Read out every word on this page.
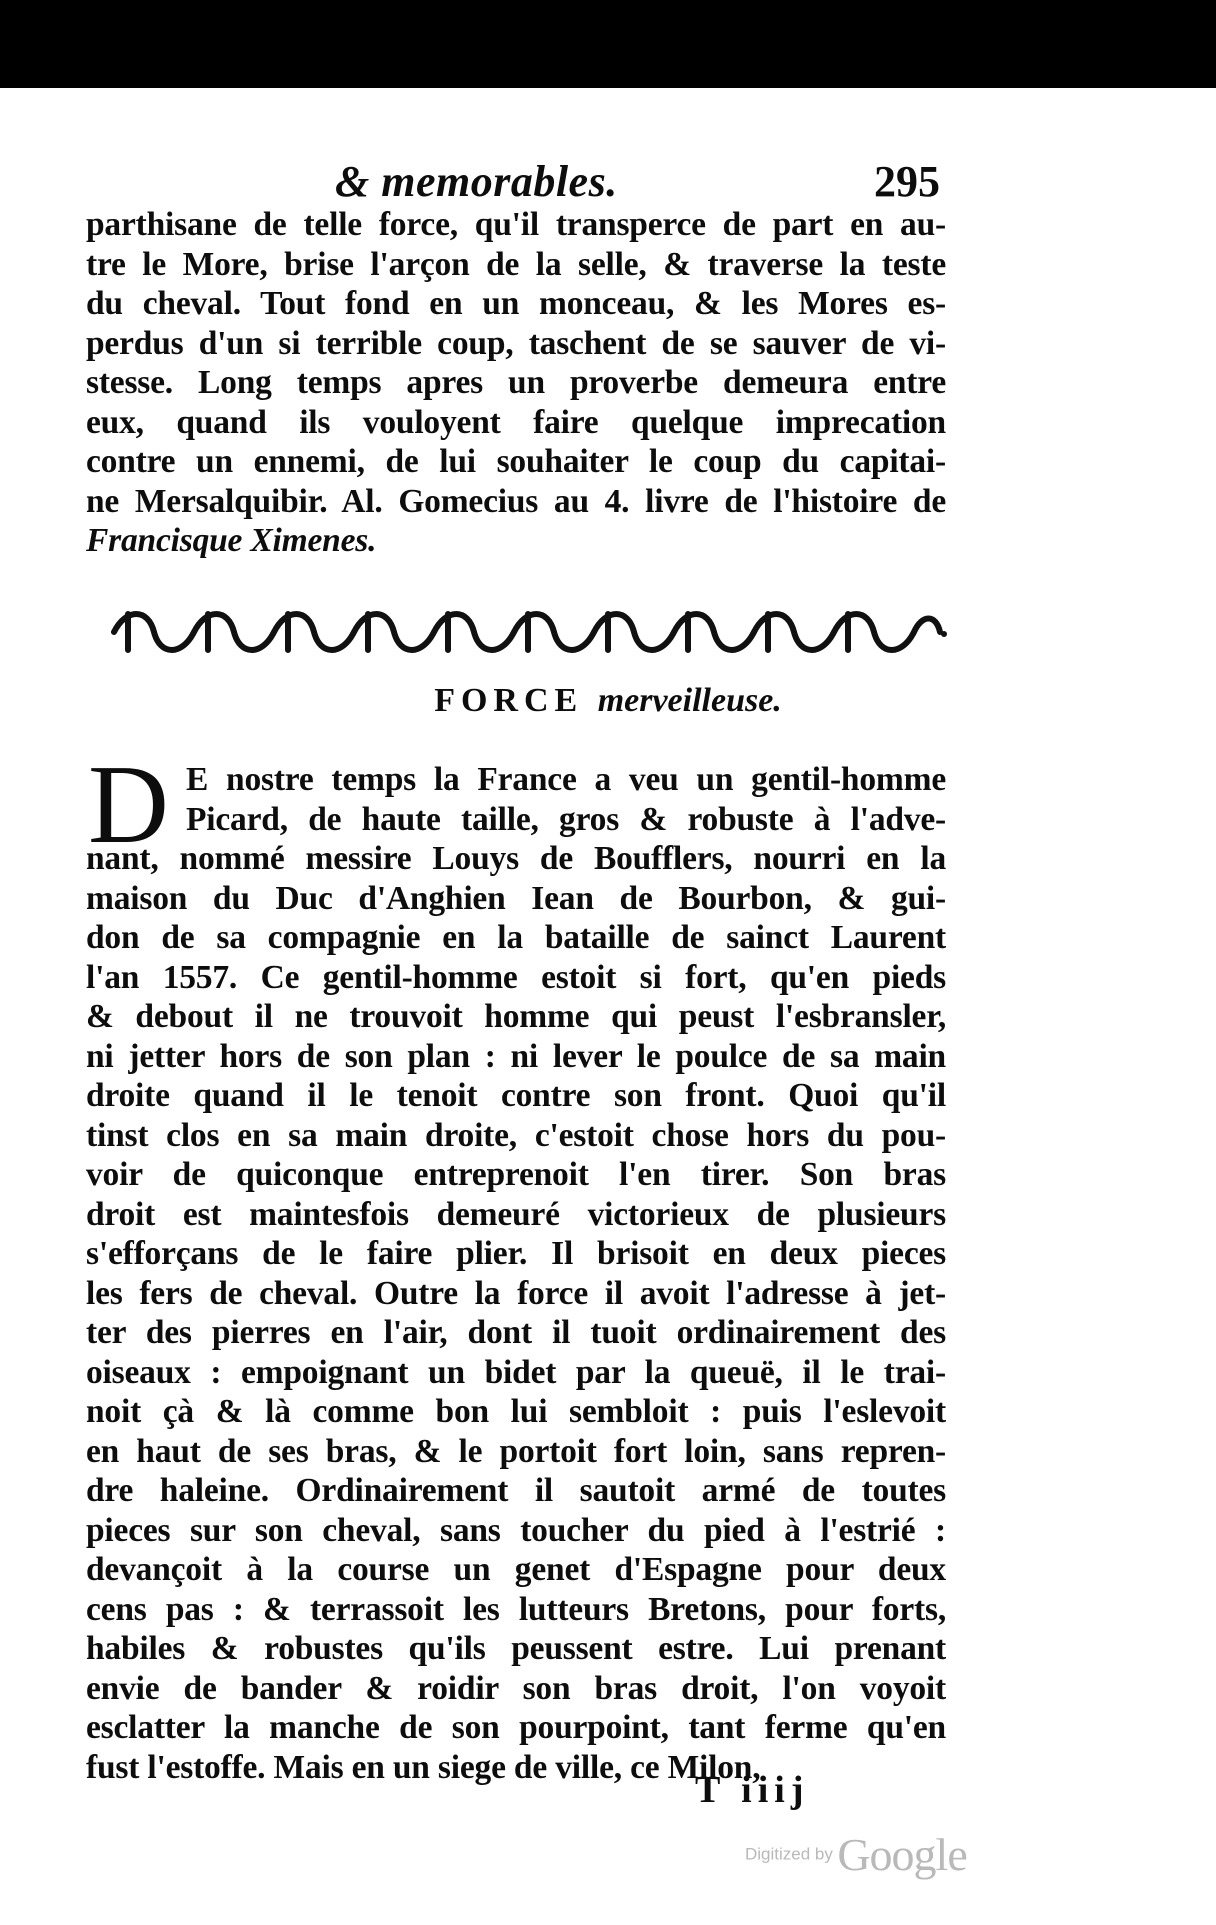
& memorables.	295
parthisane de telle force, qu'il transperce de part en au-
tre le More, brise l'arçon de la selle, & traverse la teste
du cheval. Tout fond en un monceau, & les Mores es-
perdus d'un si terrible coup, taschent de se sauver de vi-
stesse. Long temps apres un proverbe demeura entre
eux, quand ils vouloyent faire quelque imprecation
contre un ennemi, de lui souhaiter le coup du capitai-
ne Mersalquibir. Al. Gomecius au 4. livre de l'histoire de
Francisque Ximenes.
FORCE merveilleuse.
D E nostre temps la France a veu un gentil-homme
Picard, de haute taille, gros & robuste à l'adve-
nant, nommé messire Louys de Boufflers, nourri en la
maison du Duc d'Anghien Iean de Bourbon, & gui-
don de sa compagnie en la bataille de sainct Laurent
l'an 1557. Ce gentil-homme estoit si fort, qu'en pieds
& debout il ne trouvoit homme qui peust l'esbransler,
ni jetter hors de son plan : ni lever le poulce de sa main
droite quand il le tenoit contre son front. Quoi qu'il
tinst clos en sa main droite, c'estoit chose hors du pou-
voir de quiconque entreprenoit l'en tirer. Son bras
droit est maintesfois demeuré victorieux de plusieurs
s'efforçans de le faire plier. Il brisoit en deux pieces
les fers de cheval. Outre la force il avoit l'adresse à jet-
ter des pierres en l'air, dont il tuoit ordinairement des
oiseaux : empoignant un bidet par la queuë, il le trai-
noit çà & là comme bon lui sembloit : puis l'eslevoit
en haut de ses bras, & le portoit fort loin, sans repren-
dre haleine. Ordinairement il sautoit armé de toutes
pieces sur son cheval, sans toucher du pied à l'estrié :
devançoit à la course un genet d'Espagne pour deux
cens pas : & terrassoit les lutteurs Bretons, pour forts,
habiles & robustes qu'ils peussent estre. Lui prenant
envie de bander & roidir son bras droit, l'on voyoit
esclatter la manche de son pourpoint, tant ferme qu'en
fust l'estoffe. Mais en un siege de ville, ce Milon,
T iiij
Digitized by Google
